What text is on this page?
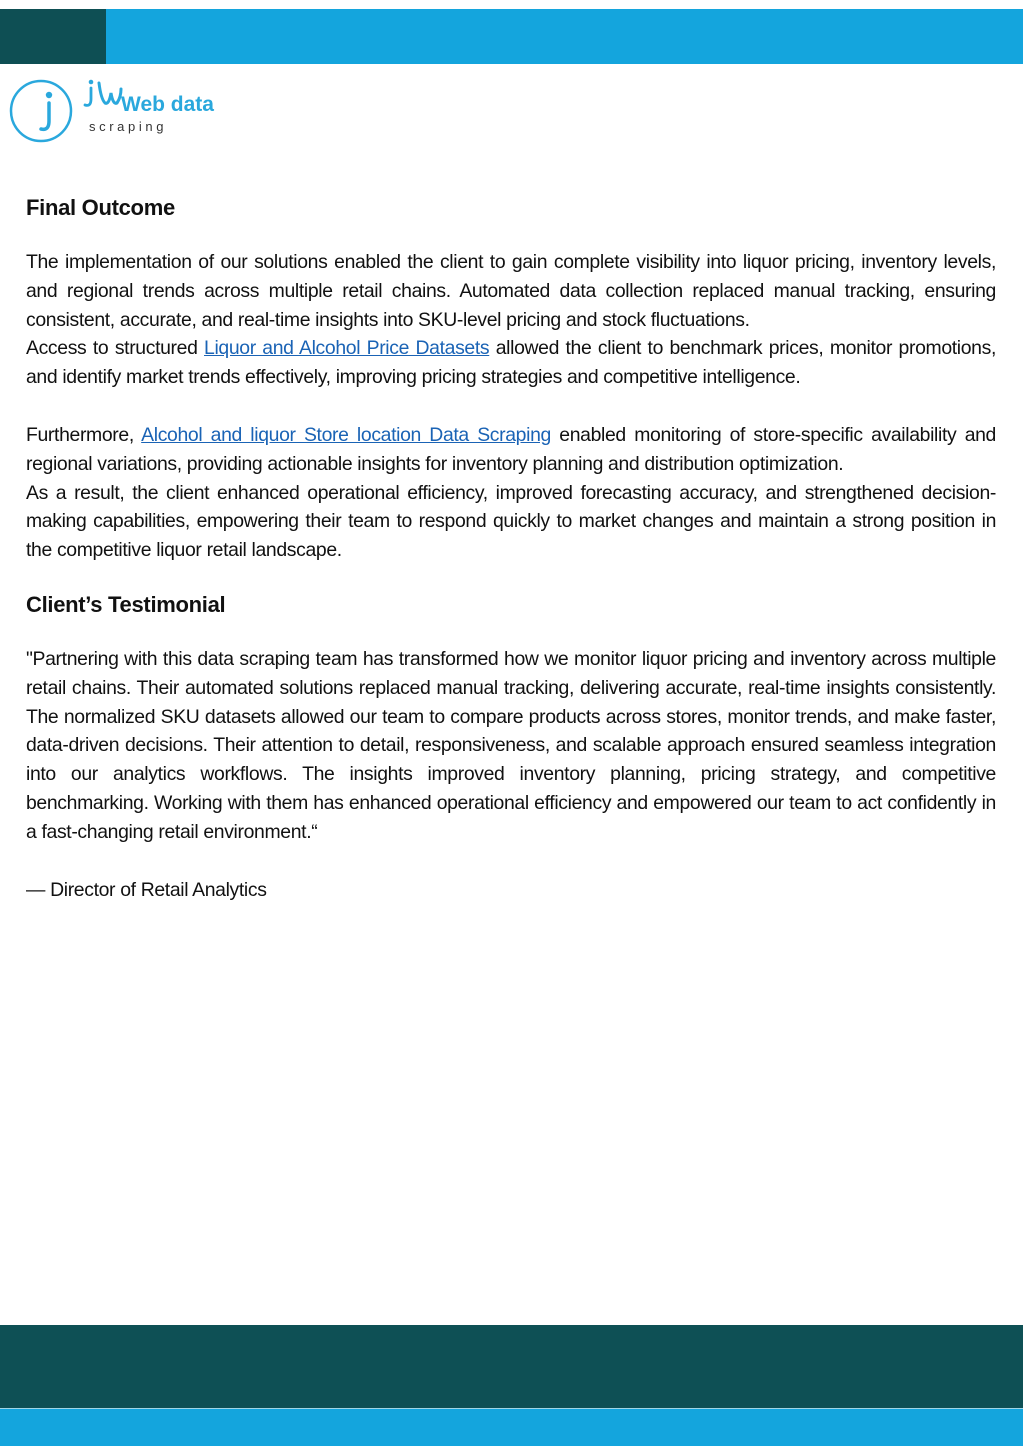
Web data
s c r a p i n g
Final Outcome

The implementation of our solutions enabled the client to gain complete visibility into liquor pricing, inventory levels, and regional trends across multiple retail chains. Automated data collection replaced manual tracking, ensuring consistent, accurate, and real-time insights into SKU-level pricing and stock fluctuations.

Access to structured Liquor and Alcohol Price Datasets allowed the client to benchmark prices, monitor promotions, and identify market trends effectively, improving pricing strategies and competitive intelligence.

Furthermore, Alcohol and liquor Store location Data Scraping enabled monitoring of store-specific availability and regional variations, providing actionable insights for inventory planning and distribution optimization.

As a result, the client enhanced operational efficiency, improved forecasting accuracy, and strengthened decision-making capabilities, empowering their team to respond quickly to market changes and maintain a strong position in the competitive liquor retail landscape.

Client’s Testimonial

"Partnering with this data scraping team has transformed how we monitor liquor pricing and inventory across multiple retail chains. Their automated solutions replaced manual tracking, delivering accurate, real-time insights consistently. The normalized SKU datasets allowed our team to compare products across stores, monitor trends, and make faster, data-driven decisions. Their attention to detail, responsiveness, and scalable approach ensured seamless integration into our analytics workflows. The insights improved inventory planning, pricing strategy, and competitive benchmarking. Working with them has enhanced operational efficiency and empowered our team to act confidently in a fast-changing retail environment.“

— Director of Retail Analytics
